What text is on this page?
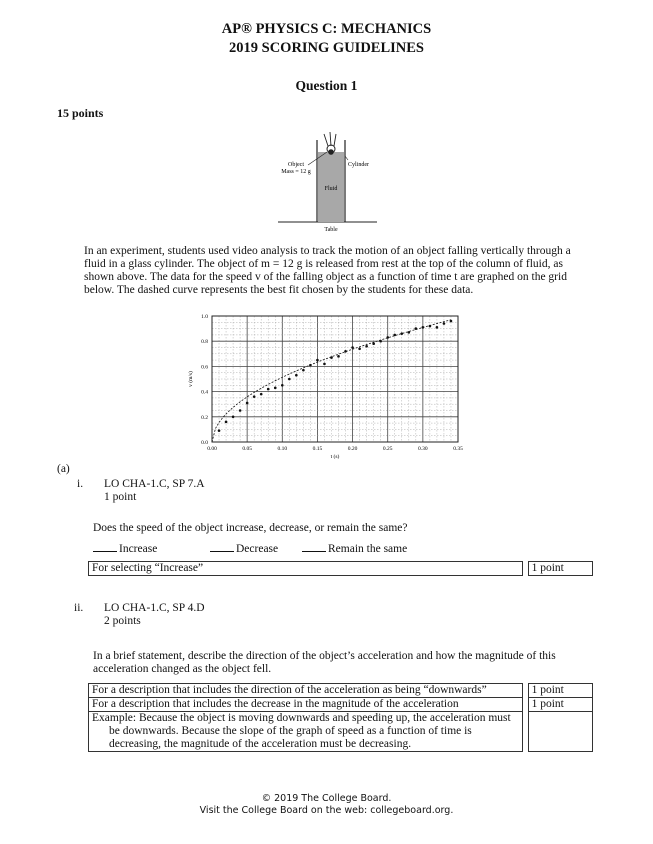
AP® PHYSICS C: MECHANICS
2019 SCORING GUIDELINES
Question 1
15 points
Object
Mass = 12 g
Cylinder
Fluid
Table
In an experiment, students used video analysis to track the motion of an object falling vertically through a fluid in a glass cylinder. The object of m = 12 g is released from rest at the top of the column of fluid, as shown above. The data for the speed v of the falling object as a function of time t are graphed on the grid below. The dashed curve represents the best fit chosen by the students for these data.
0.00	0.05	0.10	0.15	0.20	0.25	0.30	0.35
0.0
0.2
0.4
0.6
0.8
1.0
t (s)
v (m/s)
(a)
i. LO CHA-1.C, SP 7.A
1 point
Does the speed of the object increase, decrease, or remain the same?
Increase	Decrease	Remain the same
For selecting “Increase”		1 point
ii. LO CHA-1.C, SP 4.D
2 points
In a brief statement, describe the direction of the object’s acceleration and how the magnitude of this acceleration changed as the object fell.
For a description that includes the direction of the acceleration as being “downwards”		1 point
For a description that includes the decrease in the magnitude of the acceleration		1 point
Example: Because the object is moving downwards and speeding up, the acceleration must be downwards. Because the slope of the graph of speed as a function of time is decreasing, the magnitude of the acceleration must be decreasing.		
© 2019 The College Board.
Visit the College Board on the web: collegeboard.org.
